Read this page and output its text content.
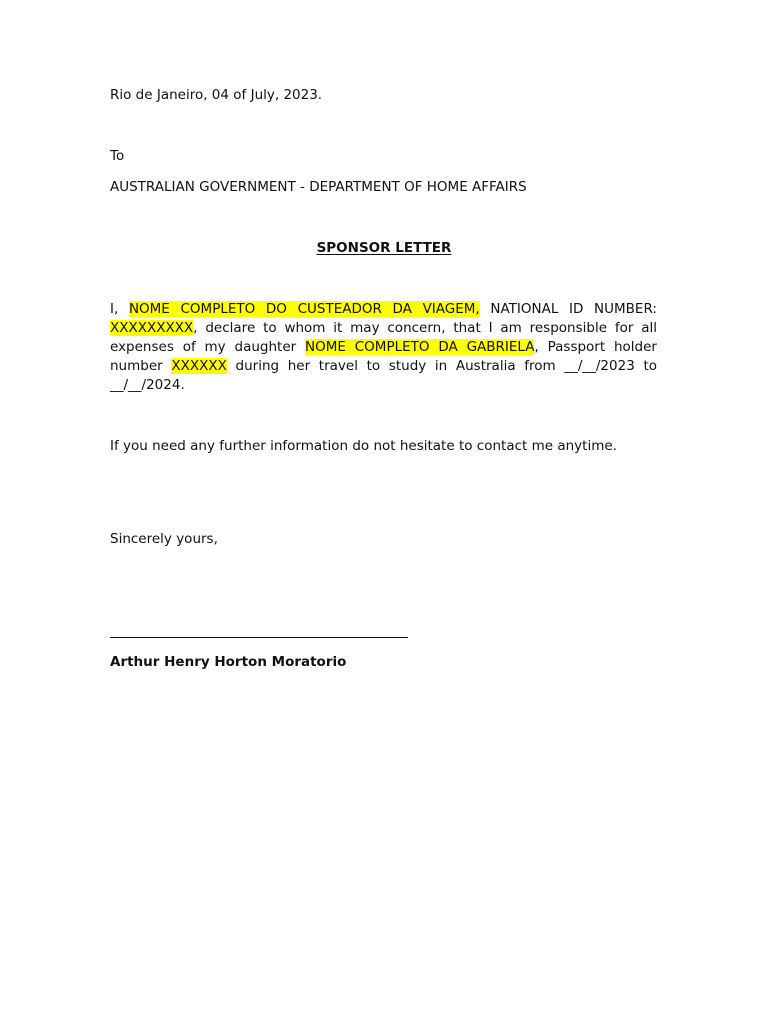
Rio de Janeiro, 04 of July, 2023.
To
AUSTRALIAN GOVERNMENT - DEPARTMENT OF HOME AFFAIRS
SPONSOR LETTER
I, NOME COMPLETO DO CUSTEADOR DA VIAGEM, NATIONAL ID NUMBER: XXXXXXXXX, declare to whom it may concern, that I am responsible for all expenses of my daughter NOME COMPLETO DA GABRIELA, Passport holder number XXXXXX during her travel to study in Australia from __/__/2023 to __/__/2024.
If you need any further information do not hesitate to contact me anytime.
Sincerely yours,
Arthur Henry Horton Moratorio
